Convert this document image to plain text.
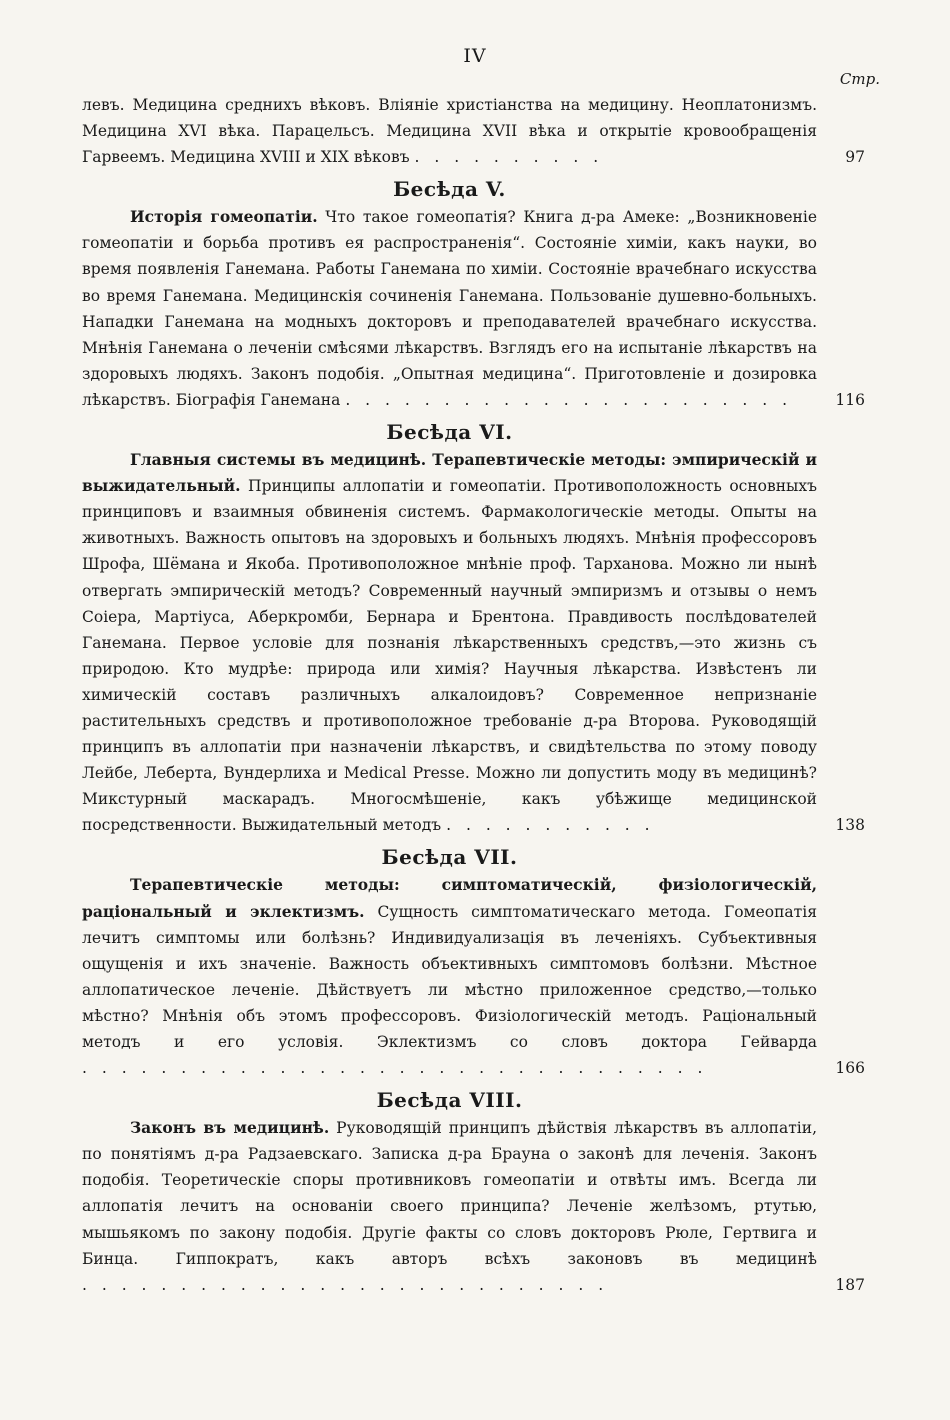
IV
Стр.

левъ. Медицина среднихъ вѣковъ. Вліяніе христіанства на медицину. Неоплатонизмъ. Медицина XVI вѣка. Парацельсъ. Медицина XVII вѣка и открытіе кровообращенія Гарвеемъ. Медицина XVIII и XIX вѣковъ . . . . . . . . . .	97
Бесѣда V.

Исторія гомеопатіи. Что такое гомеопатія? Книга д-ра Амеке: „Возникновеніе гомеопатіи и борьба противъ ея распространенія“. Состояніе химіи, какъ науки, во время появленія Ганемана. Работы Ганемана по химіи. Состояніе врачебнаго искусства во время Ганемана. Медицинскія сочиненія Ганемана. Пользованіе душевно-больныхъ. Нападки Ганемана на модныхъ докторовъ и преподавателей врачебнаго искусства. Мнѣнія Ганемана о леченіи смѣсями лѣкарствъ. Взглядъ его на испытаніе лѣкарствъ на здоровыхъ людяхъ. Законъ подобія. „Опытная медицина“. Приготовленіе и дозировка лѣкарствъ. Біографія Ганемана . . . . . . . . . . . . . . . . . . . . . . .	116
Бесѣда VI.

Главныя системы въ медицинѣ. Терапевтическіе методы: эмпирическій и выжидательный. Принципы аллопатіи и гомеопатіи. Противоположность основныхъ принциповъ и взаимныя обвиненія системъ. Фармакологическіе методы. Опыты на животныхъ. Важность опытовъ на здоровыхъ и больныхъ людяхъ. Мнѣнія профессоровъ Шрофа, Шёмана и Якоба. Противоположное мнѣніе проф. Тарханова. Можно ли нынѣ отвергать эмпирическій методъ? Современный научный эмпиризмъ и отзывы о немъ Соіера, Мартіуса, Аберкромби, Бернара и Брентона. Правдивость послѣдователей Ганемана. Первое условіе для познанія лѣкарственныхъ средствъ,—это жизнь съ природою. Кто мудрѣе: природа или химія? Научныя лѣкарства. Извѣстенъ ли химическій составъ различныхъ алкалоидовъ? Современное непризнаніе растительныхъ средствъ и противоположное требованіе д-ра Второва. Руководящій принципъ въ аллопатіи при назначеніи лѣкарствъ, и свидѣтельства по этому поводу Лейбе, Леберта, Вундерлиха и Medical Presse. Можно ли допустить моду въ медицинѣ? Микстурный маскарадъ. Многосмѣшеніе, какъ убѣжище медицинской посредственности. Выжидательный методъ . . . . . . . . . . .	138
Бесѣда VII.

Терапевтическіе методы: симптоматическій, физіологическій, раціональный и эклектизмъ. Сущность симптоматическаго метода. Гомеопатія лечитъ симптомы или болѣзнь? Индивидуализація въ леченіяхъ. Субъективныя ощущенія и ихъ значеніе. Важность объективныхъ симптомовъ болѣзни. Мѣстное аллопатическое леченіе. Дѣйствуетъ ли мѣстно приложенное средство,—только мѣстно? Мнѣнія объ этомъ профессоровъ. Физіологическій методъ. Раціональный методъ и его условія. Эклектизмъ со словъ доктора Гейварда . . . . . . . . . . . . . . . . . . . . . . . . . . . . . . . .	166
Бесѣда VIII.

Законъ въ медицинѣ. Руководящій принципъ дѣйствія лѣкарствъ въ аллопатіи, по понятіямъ д-ра Радзаевскаго. Записка д-ра Брауна о законѣ для леченія. Законъ подобія. Теоретическіе споры противниковъ гомеопатіи и отвѣты имъ. Всегда ли аллопатія лечитъ на основаніи своего принципа? Леченіе желѣзомъ, ртутью, мышьякомъ по закону подобія. Другіе факты со словъ докторовъ Рюле, Гертвига и Бинца. Гиппократъ, какъ авторъ всѣхъ законовъ въ медицинѣ . . . . . . . . . . . . . . . . . . . . . . . . . . .	187
